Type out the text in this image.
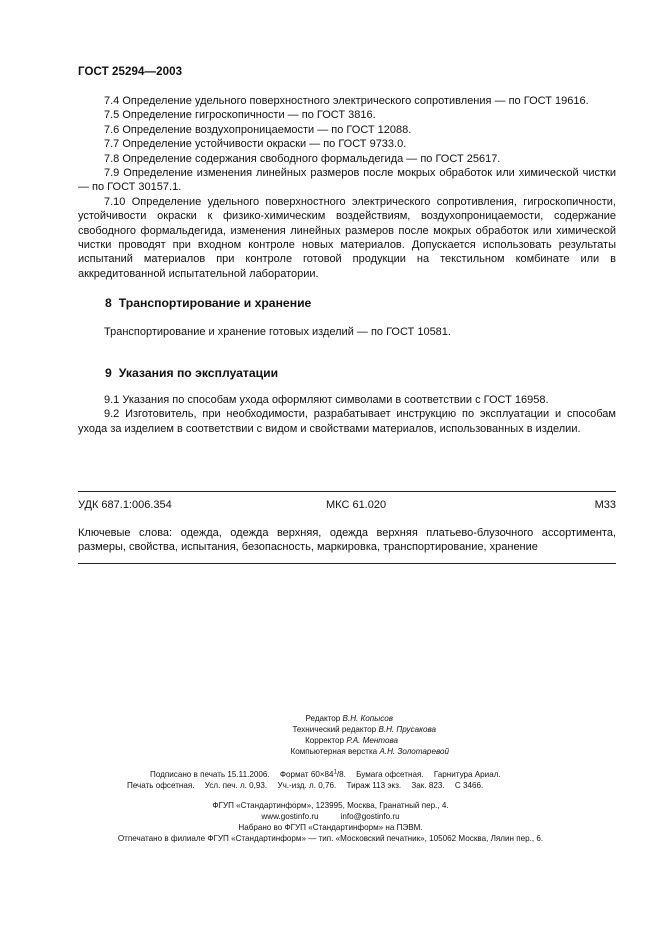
ГОСТ 25294—2003

7.4 Определение удельного поверхностного электрического сопротивления — по ГОСТ 19616.

7.5 Определение гигроскопичности — по ГОСТ 3816.

7.6 Определение воздухопроницаемости — по ГОСТ 12088.

7.7 Определение устойчивости окраски — по ГОСТ 9733.0.

7.8 Определение содержания свободного формальдегида — по ГОСТ 25617.

7.9 Определение изменения линейных размеров после мокрых обработок или химической чистки — по ГОСТ 30157.1.

7.10 Определение удельного поверхностного электрического сопротивления, гигроскопичности, устойчивости окраски к физико-химическим воздействиям, воздухопроницаемости, содержание свободного формальдегида, изменения линейных размеров после мокрых обработок или химической чистки проводят при входном контроле новых материалов. Допускается использовать результаты испытаний материалов при контроле готовой продукции на текстильном комбинате или в аккредитованной испытательной лаборатории.

8 Транспортирование и хранение

Транспортирование и хранение готовых изделий — по ГОСТ 10581.

9 Указания по эксплуатации

9.1 Указания по способам ухода оформляют символами в соответствии с ГОСТ 16958.

9.2 Изготовитель, при необходимости, разрабатывает инструкцию по эксплуатации и способам ухода за изделием в соответствии с видом и свойствами материалов, использованных в изделии.

УДК 687.1:006.354	МКС 61.020	М33

Ключевые слова: одежда, одежда верхняя, одежда верхняя платьево-блузочного ассортимента, размеры, свойства, испытания, безопасность, маркировка, транспортирование, хранение

Редактор В.Н. Копысов
Технический редактор В.Н. Прусакова
Корректор Р.А. Ментова
Компьютерная верстка А.Н. Золотаревой
Подписано в печать 15.11.2006. Формат $60\times 84^1/8$. Бумага офсетная. Гарнитура Ариал.
Печать офсетная. Усл. печ. л. 0,93. Уч.-изд. л. 0,76. Тираж 113 экз. Зак. 823. С 3466.
ФГУП «Стандартинформ», 123995, Москва, Гранатный пер., 4.
www.gostinfo.ru	info@gostinfo.ru
Набрано во ФГУП «Стандартинформ» на ПЭВМ.
Отпечатано в филиале ФГУП «Стандартинформ» — тип. «Московский печатник», 105062 Москва, Лялин пер., 6.
